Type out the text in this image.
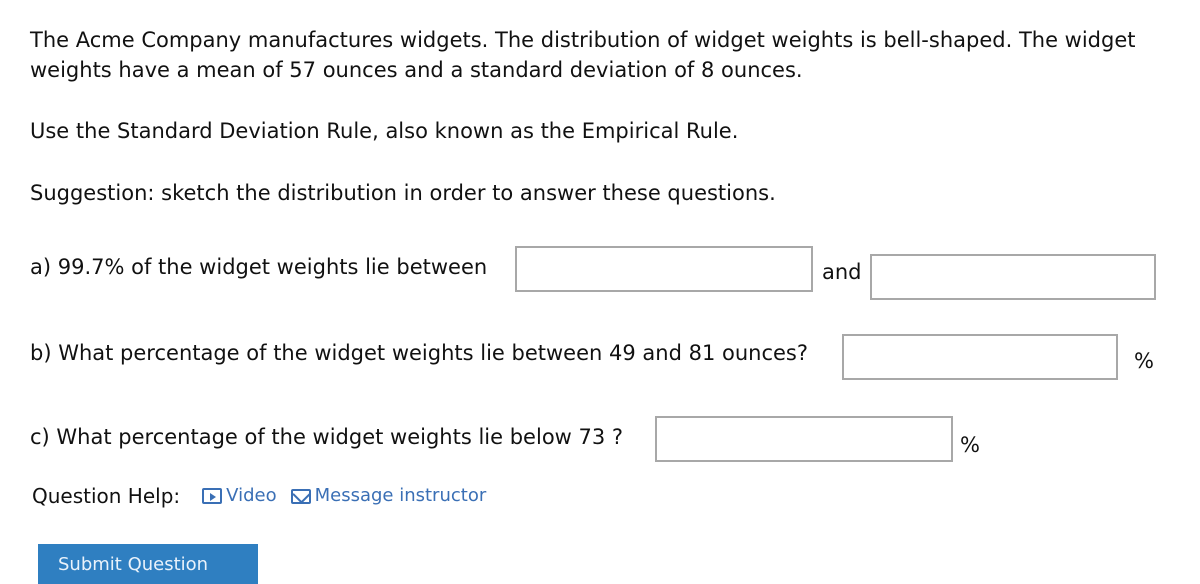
The Acme Company manufactures widgets. The distribution of widget weights is bell-shaped. The widget weights have a mean of 57 ounces and a standard deviation of 8 ounces.
Use the Standard Deviation Rule, also known as the Empirical Rule.
Suggestion: sketch the distribution in order to answer these questions.
a) 99.7% of the widget weights lie between	and
b) What percentage of the widget weights lie between 49 and 81 ounces?	%
c) What percentage of the widget weights lie below 73 ?	%
Question Help:	Video Message instructor
Submit Question
